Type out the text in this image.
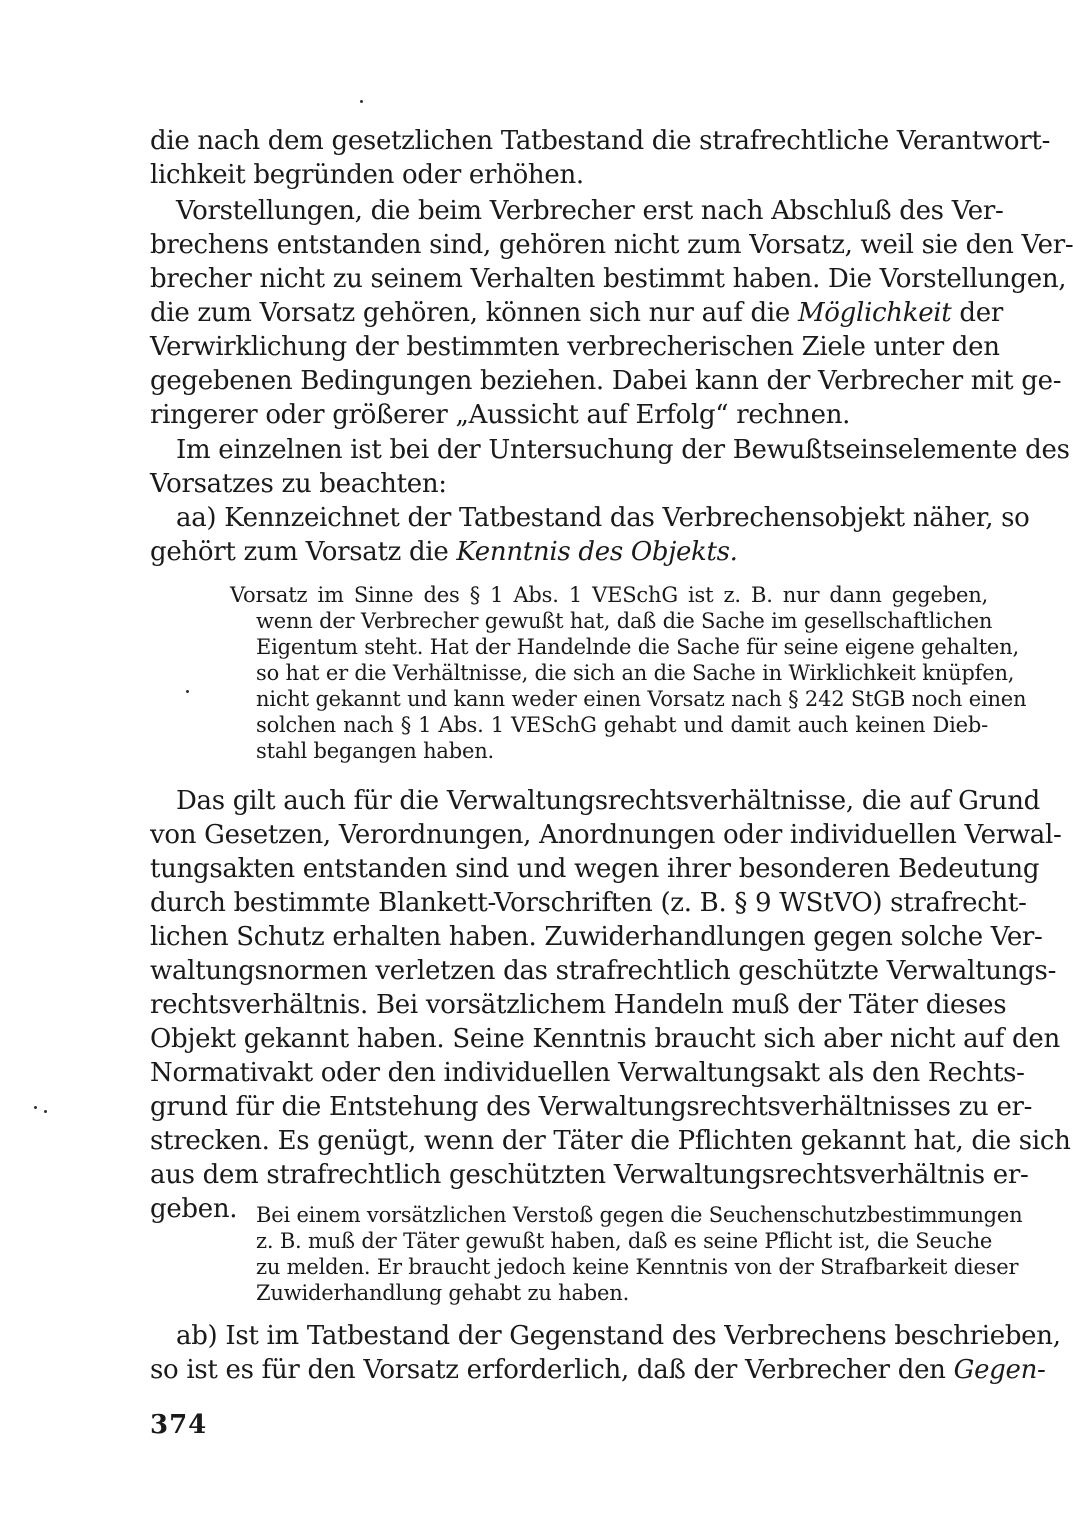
die nach dem gesetzlichen Tatbestand die strafrechtliche Verantwort-
lichkeit begründen oder erhöhen.
Vorstellungen, die beim Verbrecher erst nach Abschluß des Ver-
brechens entstanden sind, gehören nicht zum Vorsatz, weil sie den Ver-
brecher nicht zu seinem Verhalten bestimmt haben. Die Vorstellungen,
die zum Vorsatz gehören, können sich nur auf die Möglichkeit der
Verwirklichung der bestimmten verbrecherischen Ziele unter den
gegebenen Bedingungen beziehen. Dabei kann der Verbrecher mit ge-
ringerer oder größerer „Aussicht auf Erfolg“ rechnen.
Im einzelnen ist bei der Untersuchung der Bewußtseinselemente des
Vorsatzes zu beachten:
aa) Kennzeichnet der Tatbestand das Verbrechensobjekt näher, so
gehört zum Vorsatz die Kenntnis des Objekts.
Vorsatz im Sinne des § 1 Abs. 1 VESchG ist z. B. nur dann gegeben,
wenn der Verbrecher gewußt hat, daß die Sache im gesellschaftlichen
Eigentum steht. Hat der Handelnde die Sache für seine eigene gehalten,
so hat er die Verhältnisse, die sich an die Sache in Wirklichkeit knüpfen,
nicht gekannt und kann weder einen Vorsatz nach § 242 StGB noch einen
solchen nach § 1 Abs. 1 VESchG gehabt und damit auch keinen Dieb-
stahl begangen haben.
Das gilt auch für die Verwaltungsrechtsverhältnisse, die auf Grund
von Gesetzen, Verordnungen, Anordnungen oder individuellen Verwal-
tungsakten entstanden sind und wegen ihrer besonderen Bedeutung
durch bestimmte Blankett-Vorschriften (z. B. § 9 WStVO) strafrecht-
lichen Schutz erhalten haben. Zuwiderhandlungen gegen solche Ver-
waltungsnormen verletzen das strafrechtlich geschützte Verwaltungs-
rechtsverhältnis. Bei vorsätzlichem Handeln muß der Täter dieses
Objekt gekannt haben. Seine Kenntnis braucht sich aber nicht auf den
Normativakt oder den individuellen Verwaltungsakt als den Rechts-
grund für die Entstehung des Verwaltungsrechtsverhältnisses zu er-
strecken. Es genügt, wenn der Täter die Pflichten gekannt hat, die sich
aus dem strafrechtlich geschützten Verwaltungsrechtsverhältnis er-
geben. Bei einem vorsätzlichen Verstoß gegen die Seuchenschutzbestimmungen
z. B. muß der Täter gewußt haben, daß es seine Pflicht ist, die Seuche
zu melden. Er braucht jedoch keine Kenntnis von der Strafbarkeit dieser
Zuwiderhandlung gehabt zu haben.
ab) Ist im Tatbestand der Gegenstand des Verbrechens beschrieben,
so ist es für den Vorsatz erforderlich, daß der Verbrecher den Gegen-
374
